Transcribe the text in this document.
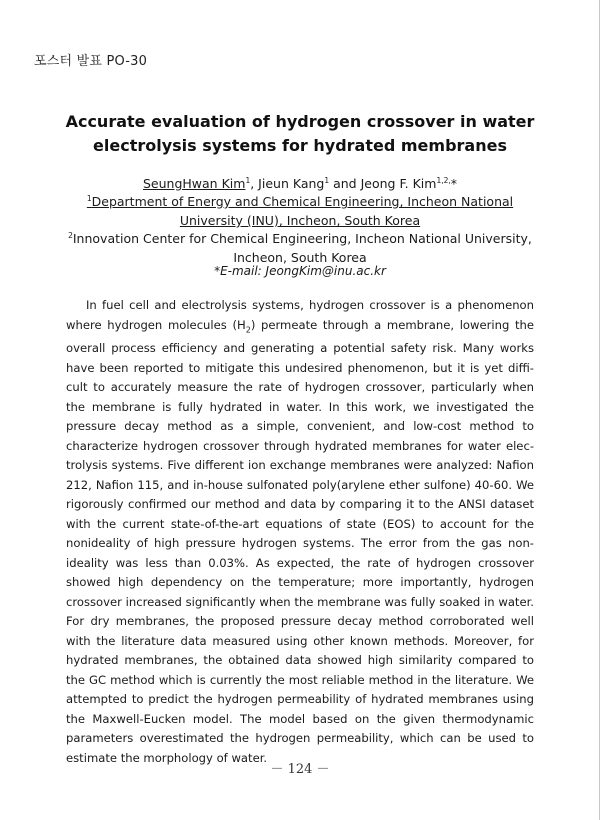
포스터 발표 PO-30
Accurate evaluation of hydrogen crossover in water
electrolysis systems for hydrated membranes
SeungHwan Kim$^1$, Jieun Kang$^1$ and Jeong F. Kim$^{1,2,}$*
$^1$Department of Energy and Chemical Engineering, Incheon National
University (INU), Incheon, South Korea
$^2$Innovation Center for Chemical Engineering, Incheon National University,
Incheon, South Korea
*E-mail: JeongKim@inu.ac.kr

In fuel cell and electrolysis systems, hydrogen crossover is a phenomenon where hydrogen molecules $(H_2)$ permeate through a membrane, lowering the overall process efficiency and generating a potential safety risk. Many works have been reported to mitigate this undesired phenomenon, but it is yet diffi-cult to accurately measure the rate of hydrogen crossover, particularly when the membrane is fully hydrated in water. In this work, we investigated the pressure decay method as a simple, convenient, and low-cost method to characterize hydrogen crossover through hydrated membranes for water elec-trolysis systems. Five different ion exchange membranes were analyzed: Nafion 212, Nafion 115, and in-house sulfonated poly(arylene ether sulfone) 40-60. We rigorously confirmed our method and data by comparing it to the ANSI dataset with the current state-of-the-art equations of state (EOS) to account for the nonideality of high pressure hydrogen systems. The error from the gas non-ideality was less than 0.03%. As expected, the rate of hydrogen crossover showed high dependency on the temperature; more importantly, hydrogen crossover increased significantly when the membrane was fully soaked in water. For dry membranes, the proposed pressure decay method corroborated well with the literature data measured using other known methods. Moreover, for hydrated membranes, the obtained data showed high similarity compared to the GC method which is currently the most reliable method in the literature. We attempted to predict the hydrogen permeability of hydrated membranes using the Maxwell-Eucken model. The model based on the given thermodynamic parameters overestimated the hydrogen permeability, which can be used to estimate the morphology of water.

－ 124 －
